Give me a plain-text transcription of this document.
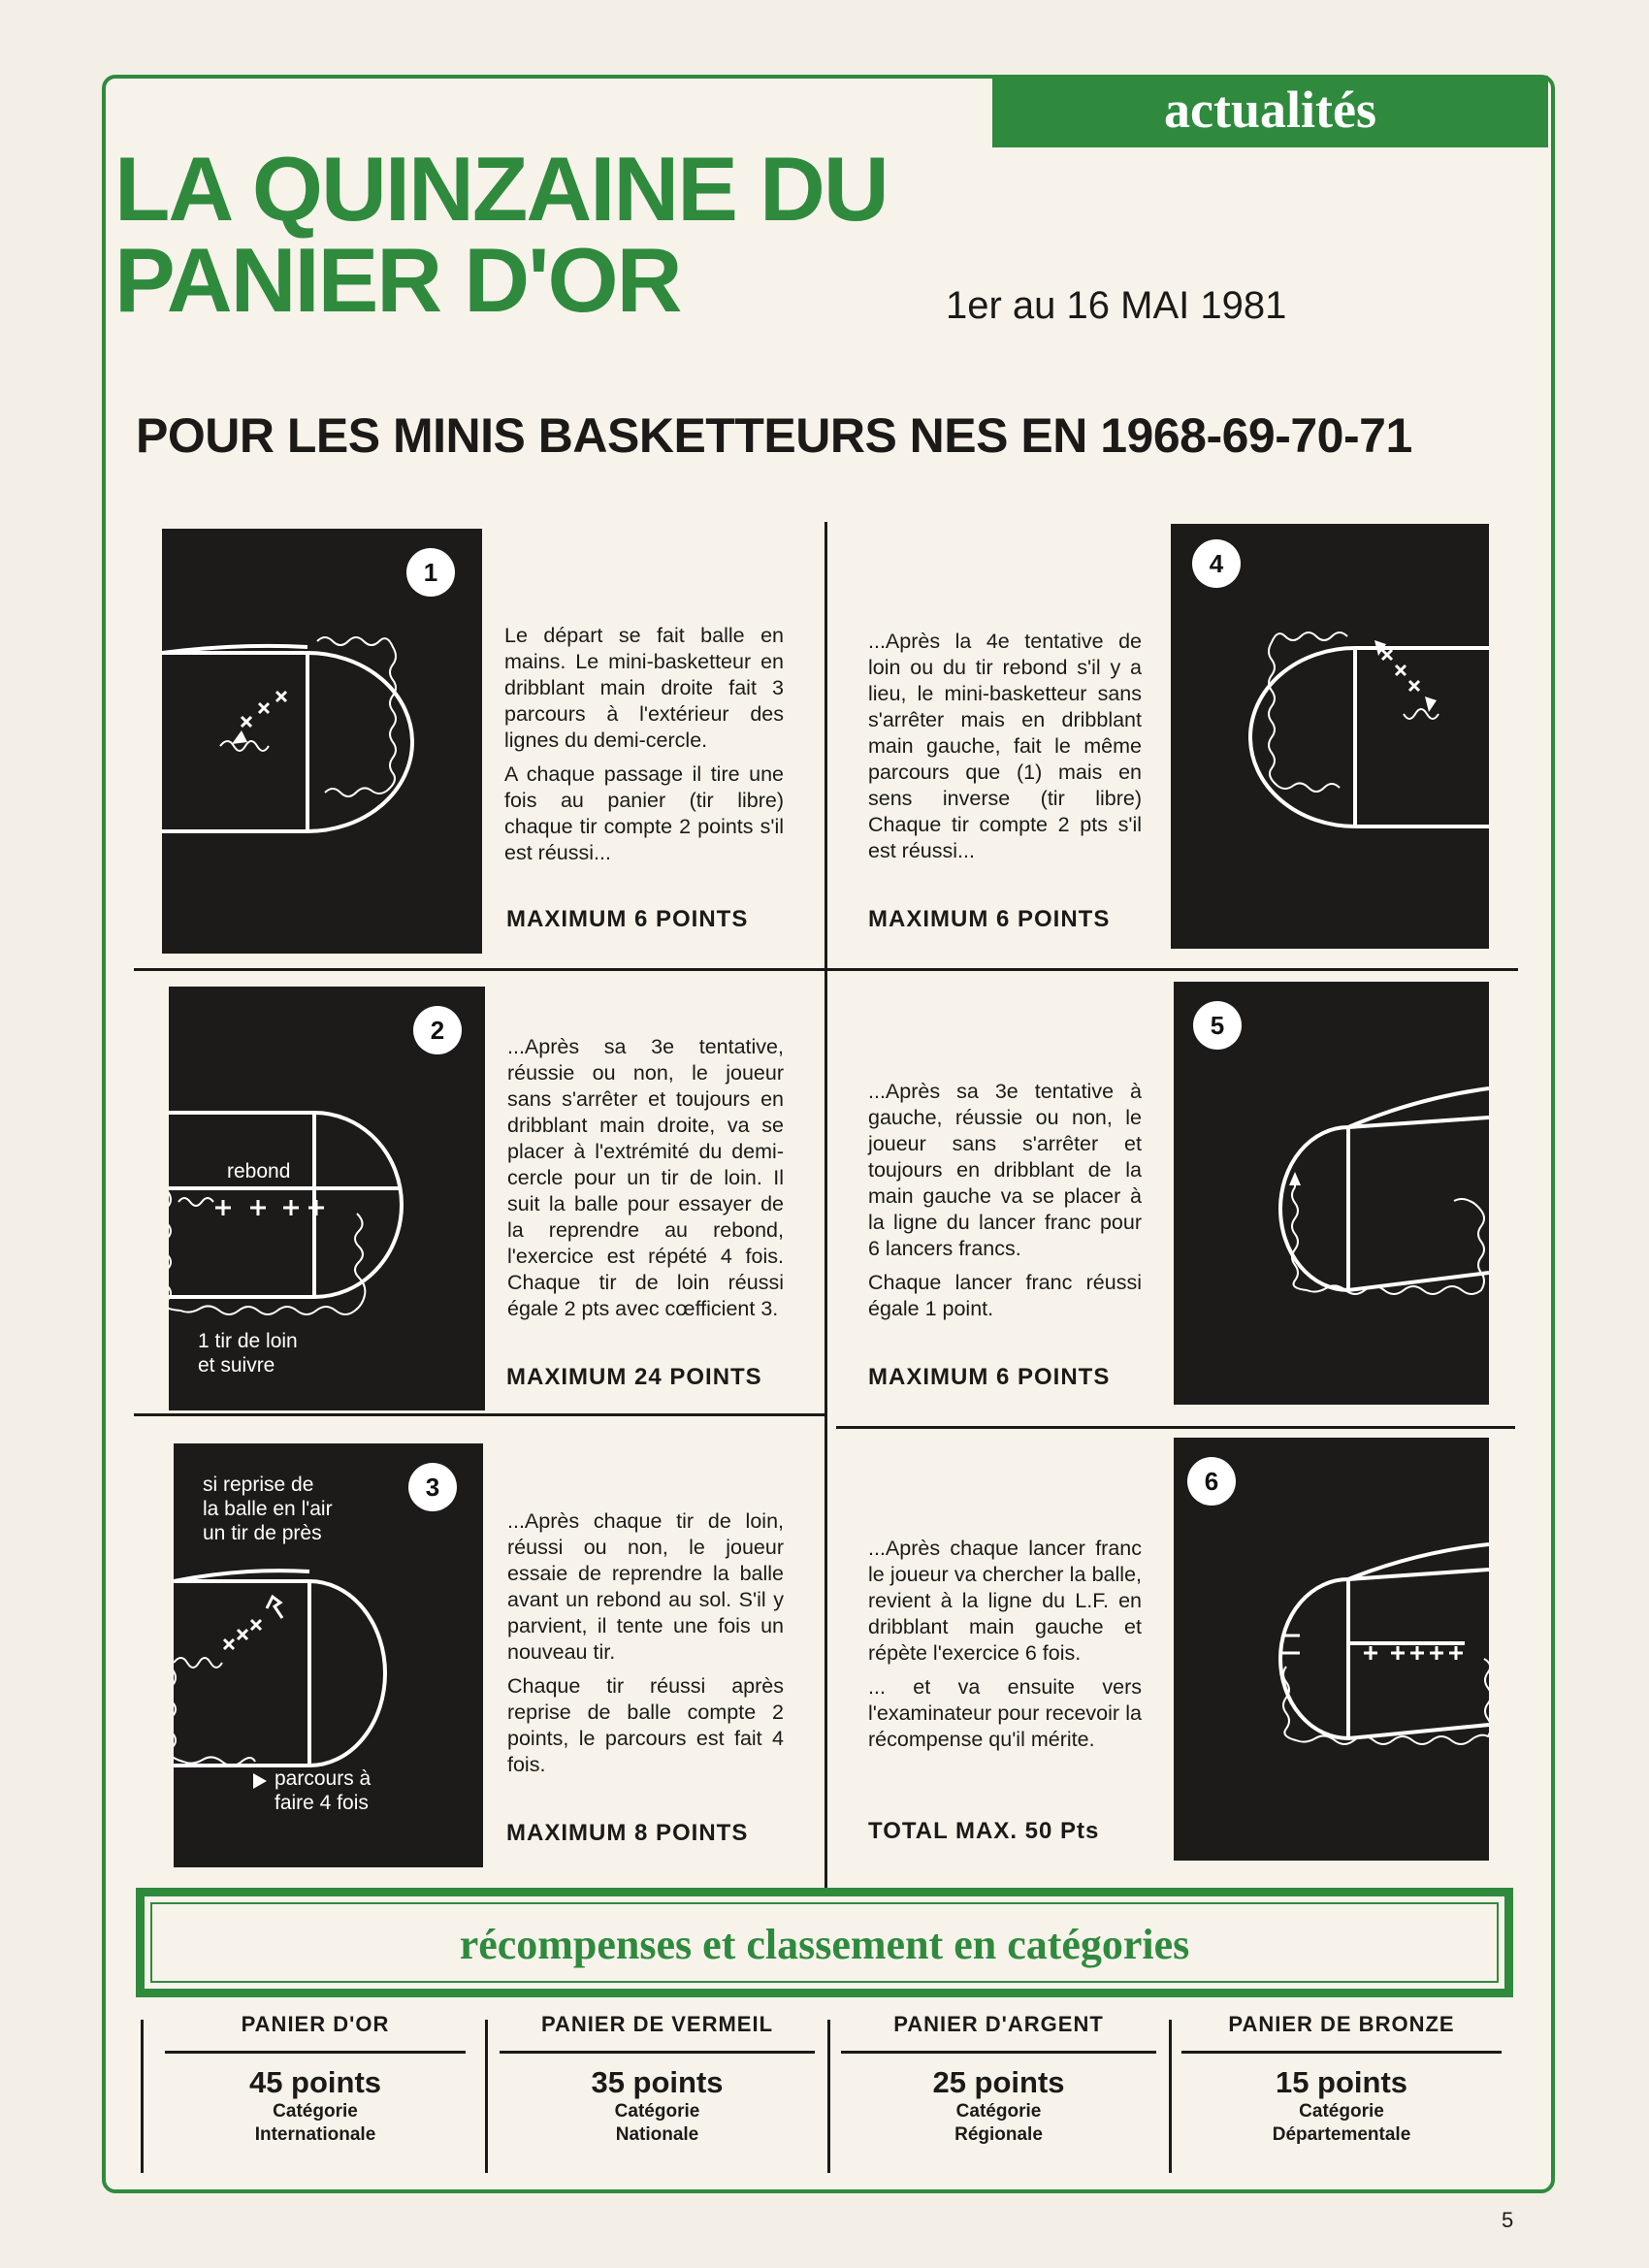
actualités
LA QUINZAINE DU
PANIER D'OR	1er au 16 MAI 1981
POUR LES MINIS BASKETTEURS NES EN 1968-69-70-71
1

Le départ se fait balle en mains. Le mini-basketteur en dribblant main droite fait 3 parcours à l'extérieur des lignes du demi-cercle.

A chaque passage il tire une fois au panier (tir libre) chaque tir compte 2 points s'il est réussi...

MAXIMUM 6 POINTS

...Après la 4e tentative de loin ou du tir rebond s'il y a lieu, le mini-basketteur sans s'arrêter mais en dribblant main gauche, fait le même parcours que (1) mais en sens inverse (tir libre) Chaque tir compte 2 pts s'il est réussi...

MAXIMUM 6 POINTS
4
rebond
1 tir de loin
et suivre
2

...Après sa 3e tentative, réussie ou non, le joueur sans s'arrêter et toujours en dribblant main droite, va se placer à l'extrémité du demi-cercle pour un tir de loin. Il suit la balle pour essayer de la reprendre au rebond, l'exercice est répété 4 fois. Chaque tir de loin réussi égale 2 pts avec cœfficient 3.

MAXIMUM 24 POINTS

...Après sa 3e tentative à gauche, réussie ou non, le joueur sans s'arrêter et toujours en dribblant de la main gauche va se placer à la ligne du lancer franc pour 6 lancers francs.

Chaque lancer franc réussi égale 1 point.

MAXIMUM 6 POINTS
5
si reprise de
la balle en l'air
un tir de près
parcours à
faire 4 fois
3

...Après chaque tir de loin, réussi ou non, le joueur essaie de reprendre la balle avant un rebond au sol. S'il y parvient, il tente une fois un nouveau tir.

Chaque tir réussi après reprise de balle compte 2 points, le parcours est fait 4 fois.

MAXIMUM 8 POINTS

...Après chaque lancer franc le joueur va chercher la balle, revient à la ligne du L.F. en dribblant main gauche et répète l'exercice 6 fois.

... et va ensuite vers l'examinateur pour recevoir la récompense qu'il mérite.

TOTAL MAX. 50 Pts
6
récompenses et classement en catégories
PANIER D'OR
45 points
Catégorie
Internationale
PANIER DE VERMEIL
35 points
Catégorie
Nationale
PANIER D'ARGENT
25 points
Catégorie
Régionale
PANIER DE BRONZE
15 points
Catégorie
Départementale
5
